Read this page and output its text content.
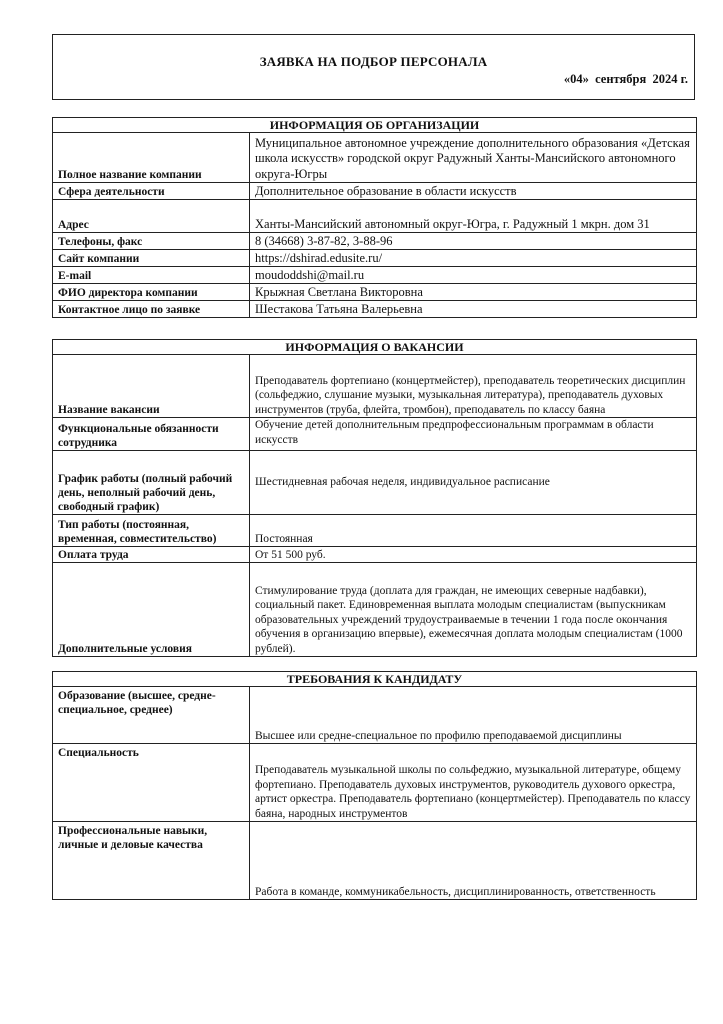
ЗАЯВКА НА ПОДБОР ПЕРСОНАЛА
«04»  сентября  2024 г.
ИНФОРМАЦИЯ ОБ ОРГАНИЗАЦИИ	
Полное название компании	Муниципальное автономное учреждение дополнительного образования «Детская школа искусств» городской округ Радужный Ханты-Мансийского автономного округа-Югры
Сфера деятельности	Дополнительное образование в области искусств
Адрес	Ханты-Мансийский автономный округ-Югра, г. Радужный 1 мкрн. дом 31
Телефоны, факс	8 (34668) 3-87-82, 3-88-96
Сайт компании	https://dshirad.edusite.ru/
E-mail	moudoddshi@mail.ru
ФИО директора компании	Крыжная Светлана Викторовна
Контактное лицо по заявке	Шестакова Татьяна Валерьевна
ИНФОРМАЦИЯ О ВАКАНСИИ	
Название вакансии	Преподаватель фортепиано (концертмейстер), преподаватель теоретических дисциплин (сольфеджио, слушание музыки, музыкальная литература), преподаватель духовых инструментов (труба, флейта, тромбон), преподаватель по классу баяна
Функциональные обязанности сотрудника	Обучение детей дополнительным предпрофессиональным программам в области искусств
График работы (полный рабочий день, неполный рабочий день, свободный график)	Шестидневная рабочая неделя, индивидуальное расписание
Тип работы (постоянная, временная, совместительство)	Постоянная
Оплата труда	От 51 500 руб.
Дополнительные условия	Стимулирование труда (доплата для граждан, не имеющих северные надбавки), социальный пакет. Единовременная выплата молодым специалистам (выпускникам образовательных учреждений трудоустраиваемые в течении 1 года после окончания обучения в организацию впервые), ежемесячная доплата молодым специалистам (1000 рублей).
ТРЕБОВАНИЯ К КАНДИДАТУ	
Образование (высшее, средне-специальное, среднее)	Высшее или средне-специальное по профилю преподаваемой дисциплины
Специальность	Преподаватель музыкальной школы по сольфеджио, музыкальной литературе, общему фортепиано. Преподаватель духовых инструментов, руководитель духового оркестра, артист оркестра. Преподаватель фортепиано (концертмейстер). Преподаватель по классу баяна, народных инструментов
Профессиональные навыки, личные и деловые качества	Работа в команде, коммуникабельность, дисциплинированность, ответственность
